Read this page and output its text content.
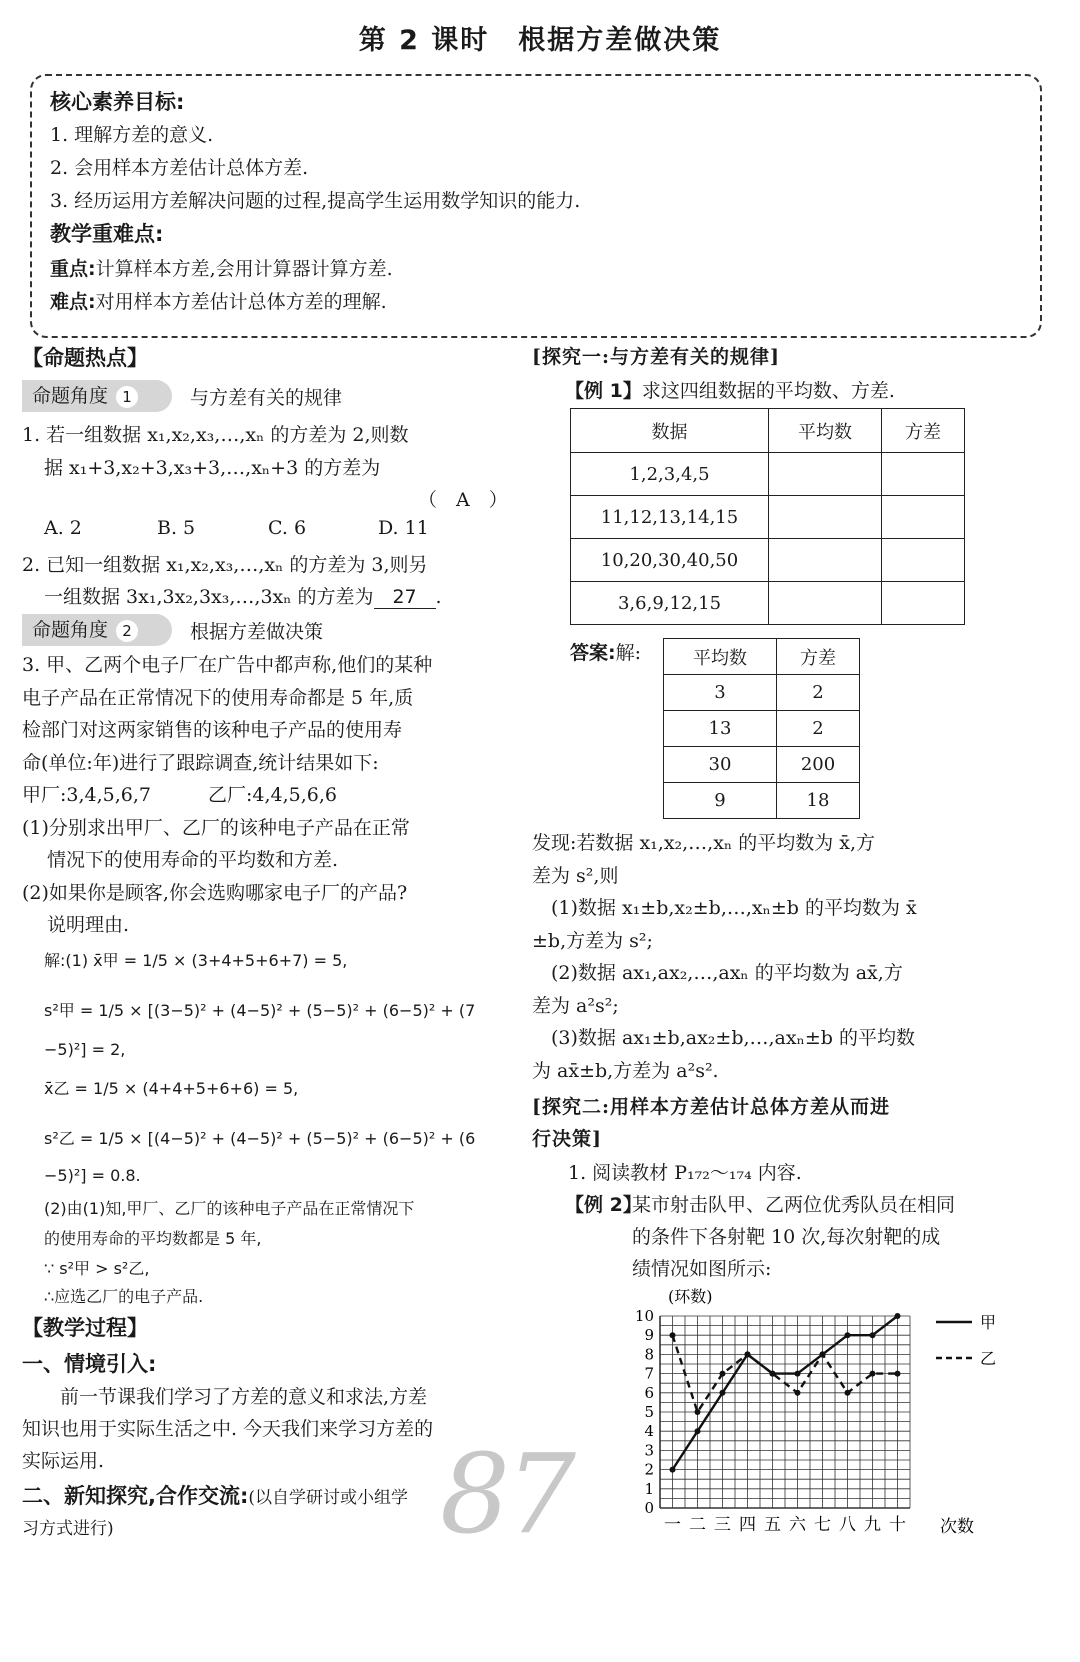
第 2 课时　根据方差做决策
核心素养目标:
1. 理解方差的意义.
2. 会用样本方差估计总体方差.
3. 经历运用方差解决问题的过程,提高学生运用数学知识的能力.
教学重难点:
重点:计算样本方差,会用计算器计算方差.
难点:对用样本方差估计总体方差的理解.
【命题热点】
命题角度 1	与方差有关的规律
1. 若一组数据 x₁,x₂,x₃,…,xₙ 的方差为 2,则数
据 x₁+3,x₂+3,x₃+3,…,xₙ+3 的方差为
（　A　）
A. 2	B. 5	C. 6	D. 11
2. 已知一组数据 x₁,x₂,x₃,…,xₙ 的方差为 3,则另
一组数据 3x₁,3x₂,3x₃,…,3xₙ 的方差为 27 .
命题角度 2	根据方差做决策
3. 甲、乙两个电子厂在广告中都声称,他们的某种
电子产品在正常情况下的使用寿命都是 5 年,质
检部门对这两家销售的该种电子产品的使用寿
命(单位:年)进行了跟踪调查,统计结果如下:
甲厂:3,4,5,6,7　　　乙厂:4,4,5,6,6
(1)分别求出甲厂、乙厂的该种电子产品在正常
　 情况下的使用寿命的平均数和方差.
(2)如果你是顾客,你会选购哪家电子厂的产品?
　 说明理由.
解:(1) x̄甲 = 1/5 × (3+4+5+6+7) = 5,
s²甲 = 1/5 × [(3−5)² + (4−5)² + (5−5)² + (6−5)² + (7
−5)²] = 2,
x̄乙 = 1/5 × (4+4+5+6+6) = 5,
s²乙 = 1/5 × [(4−5)² + (4−5)² + (5−5)² + (6−5)² + (6
−5)²] = 0.8.
(2)由(1)知,甲厂、乙厂的该种电子产品在正常情况下
的使用寿命的平均数都是 5 年,
∵ s²甲 > s²乙,
∴应选乙厂的电子产品.
【教学过程】
一、情境引入:
　　前一节课我们学习了方差的意义和求法,方差
知识也用于实际生活之中. 今天我们来学习方差的
实际运用.
二、新知探究,合作交流:(以自学研讨或小组学
习方式进行)	87
[探究一:与方差有关的规律]
【例 1】求这四组数据的平均数、方差.
数据	平均数	方差
1,2,3,4,5		
11,12,13,14,15		
10,20,30,40,50		
3,6,9,12,15		
答案:解:	平均数	方差
3	2
13	2
30	200
9	18
发现:若数据 x₁,x₂,…,xₙ 的平均数为 x̄,方
差为 s²,则
　(1)数据 x₁±b,x₂±b,…,xₙ±b 的平均数为 x̄
±b,方差为 s²;
　(2)数据 ax₁,ax₂,…,axₙ 的平均数为 ax̄,方
差为 a²s²;
　(3)数据 ax₁±b,ax₂±b,…,axₙ±b 的平均数
为 ax̄±b,方差为 a²s².
[探究二:用样本方差估计总体方差从而进
行决策]
1. 阅读教材 P₁₇₂～₁₇₄ 内容.
【例 2】
某市射击队甲、乙两位优秀队员在相同
的条件下各射靶 10 次,每次射靶的成
绩情况如图所示:
0
1
2
3
4
5
6
7
8
9
10
一 二 三 四 五 六 七 八 九 十
(环数)
次数
甲
乙
